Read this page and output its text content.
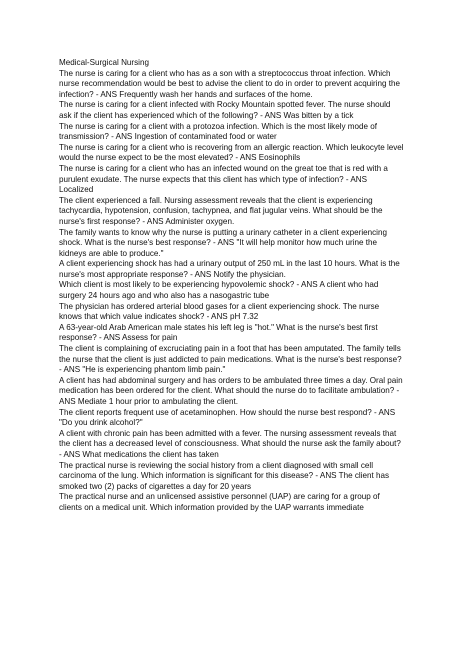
Medical-Surgical Nursing

The nurse is caring for a client who has as a son with a streptococcus throat infection. Which
nurse recommendation would be best to advise the client to do in order to prevent acquiring the
infection? - ANS Frequently wash her hands and surfaces of the home.

The nurse is caring for a client infected with Rocky Mountain spotted fever. The nurse should
ask if the client has experienced which of the following? - ANS Was bitten by a tick

The nurse is caring for a client with a protozoa infection. Which is the most likely mode of
transmission? - ANS Ingestion of contaminated food or water

The nurse is caring for a client who is recovering from an allergic reaction. Which leukocyte level
would the nurse expect to be the most elevated? - ANS Eosinophils

The nurse is caring for a client who has an infected wound on the great toe that is red with a
purulent exudate. The nurse expects that this client has which type of infection? - ANS
Localized

The client experienced a fall. Nursing assessment reveals that the client is experiencing
tachycardia, hypotension, confusion, tachypnea, and flat jugular veins. What should be the
nurse's first response? - ANS Administer oxygen.

The family wants to know why the nurse is putting a urinary catheter in a client experiencing
shock. What is the nurse's best response? - ANS "It will help monitor how much urine the
kidneys are able to produce."

A client experiencing shock has had a urinary output of 250 mL in the last 10 hours. What is the
nurse's most appropriate response? - ANS Notify the physician.

Which client is most likely to be experiencing hypovolemic shock? - ANS A client who had
surgery 24 hours ago and who also has a nasogastric tube

The physician has ordered arterial blood gases for a client experiencing shock. The nurse
knows that which value indicates shock? - ANS pH 7.32

A 63-year-old Arab American male states his left leg is "hot." What is the nurse's best first
response? - ANS Assess for pain

The client is complaining of excruciating pain in a foot that has been amputated. The family tells
the nurse that the client is just addicted to pain medications. What is the nurse's best response?
- ANS "He is experiencing phantom limb pain."

A client has had abdominal surgery and has orders to be ambulated three times a day. Oral pain
medication has been ordered for the client. What should the nurse do to facilitate ambulation? -
ANS Mediate 1 hour prior to ambulating the client.

The client reports frequent use of acetaminophen. How should the nurse best respond? - ANS
"Do you drink alcohol?"

A client with chronic pain has been admitted with a fever. The nursing assessment reveals that
the client has a decreased level of consciousness. What should the nurse ask the family about?
- ANS What medications the client has taken

The practical nurse is reviewing the social history from a client diagnosed with small cell
carcinoma of the lung. Which information is significant for this disease? - ANS The client has
smoked two (2) packs of cigarettes a day for 20 years

The practical nurse and an unlicensed assistive personnel (UAP) are caring for a group of
clients on a medical unit. Which information provided by the UAP warrants immediate
